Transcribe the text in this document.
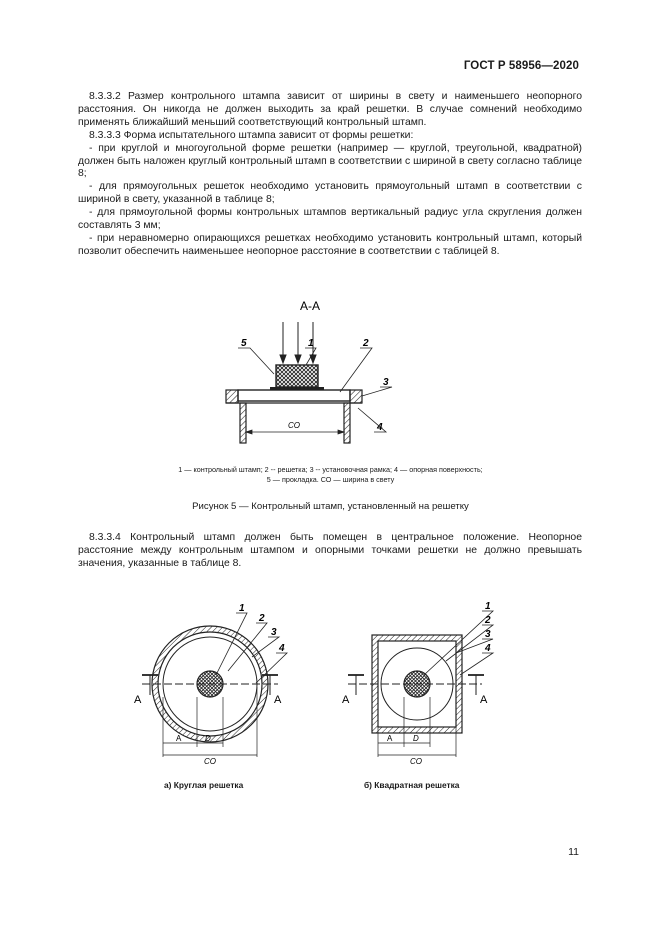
ГОСТ Р 58956—2020

8.3.3.2 Размер контрольного штампа зависит от ширины в свету и наименьшего неопорного расстояния. Он никогда не должен выходить за край решетки. В случае сомнений необходимо применять ближайший меньший соответствующий контрольный штамп.

8.3.3.3 Форма испытательного штампа зависит от формы решетки:

- при круглой и многоугольной форме решетки (например — круглой, треугольной, квадратной) должен быть наложен круглый контрольный штамп в соответствии с шириной в свету согласно таблице 8;

- для прямоугольных решеток необходимо установить прямоугольный штамп в соответствии с шириной в свету, указанной в таблице 8;

- для прямоугольной формы контрольных штампов вертикальный радиус угла скругления должен составлять 3 мм;

- при неравномерно опирающихся решетках необходимо установить контрольный штамп, который позволит обеспечить наименьшее неопорное расстояние в соответствии с таблицей 8.

А-А
СО
1	2
3
4
5
1 — контрольный штамп; 2 -- решетка; 3 -- установочная рамка; 4 — опорная поверхность;
5 — прокладка. СО — ширина в свету
Рисунок 5 — Контрольный штамп, установленный на решетку

8.3.3.4 Контрольный штамп должен быть помещен в центральное положение. Неопорное расстояние между контрольным штампом и опорными точками решетки не должно превышать значения, указанные в таблице 8.

А	А
А	D
СО
1
2
3
4
А	А
А	D
СО
1
2
3
4
а) Круглая решетка	б) Квадратная решетка
11
